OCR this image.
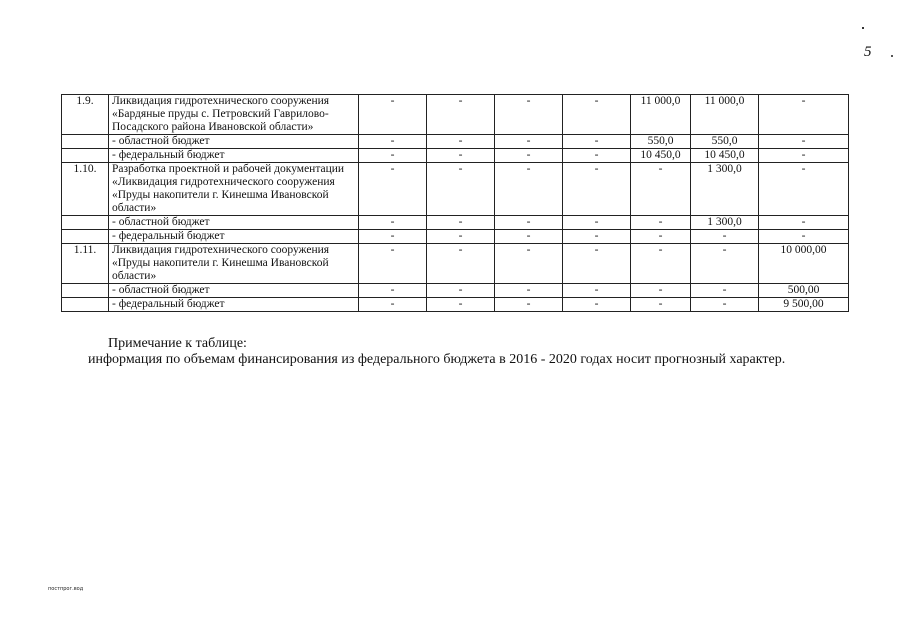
5
1.9.	Ликвидация гидротехнического сооружения «Бардяные пруды с. Петровский Гаврилово-Посадского района Ивановской области»	-	-	-	-	11 000,0	11 000,0	-
	- областной бюджет	-	-	-	-	550,0	550,0	-
	- федеральный бюджет	-	-	-	-	10 450,0	10 450,0	-
1.10.	Разработка проектной и рабочей документации «Ликвидация гидротехнического сооружения «Пруды накопители г. Кинешма Ивановской области»	-	-	-	-	-	1 300,0	-
	- областной бюджет	-	-	-	-	-	1 300,0	-
	- федеральный бюджет	-	-	-	-	-	-	-
1.11.	Ликвидация гидротехнического сооружения «Пруды накопители г. Кинешма Ивановской области»	-	-	-	-	-	-	10 000,00
	- областной бюджет	-	-	-	-	-	-	500,00
	- федеральный бюджет	-	-	-	-	-	-	9 500,00
Примечание к таблице:
информация по объемам финансирования из федерального бюджета в 2016 - 2020 годах носит прогнозный характер.
постпрог.вод
